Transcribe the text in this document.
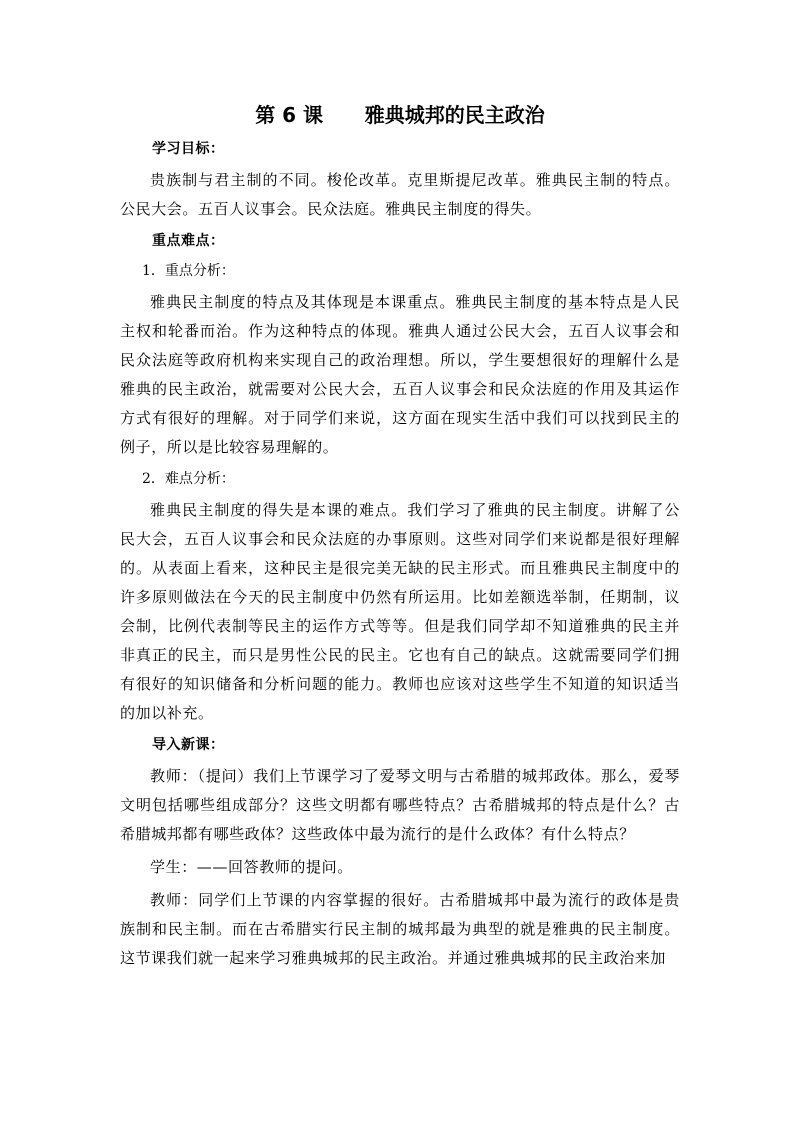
第 6 课      雅典城邦的民主政治
学习目标：

贵族制与君主制的不同。梭伦改革。克里斯提尼改革。雅典民主制的特点。公民大会。五百人议事会。民众法庭。雅典民主制度的得失。

重点难点：
1．重点分析：

雅典民主制度的特点及其体现是本课重点。雅典民主制度的基本特点是人民主权和轮番而治。作为这种特点的体现。雅典人通过公民大会，五百人议事会和民众法庭等政府机构来实现自己的政治理想。所以，学生要想很好的理解什么是雅典的民主政治，就需要对公民大会，五百人议事会和民众法庭的作用及其运作方式有很好的理解。对于同学们来说，这方面在现实生活中我们可以找到民主的例子，所以是比较容易理解的。

2．难点分析：

雅典民主制度的得失是本课的难点。我们学习了雅典的民主制度。讲解了公民大会，五百人议事会和民众法庭的办事原则。这些对同学们来说都是很好理解的。从表面上看来，这种民主是很完美无缺的民主形式。而且雅典民主制度中的许多原则做法在今天的民主制度中仍然有所运用。比如差额选举制，任期制，议会制，比例代表制等民主的运作方式等等。但是我们同学却不知道雅典的民主并非真正的民主，而只是男性公民的民主。它也有自己的缺点。这就需要同学们拥有很好的知识储备和分析问题的能力。教师也应该对这些学生不知道的知识适当的加以补充。

导入新课：

教师：（提问）我们上节课学习了爱琴文明与古希腊的城邦政体。那么，爱琴文明包括哪些组成部分？这些文明都有哪些特点？古希腊城邦的特点是什么？古希腊城邦都有哪些政体？这些政体中最为流行的是什么政体？有什么特点？

学生：——回答教师的提问。

教师：同学们上节课的内容掌握的很好。古希腊城邦中最为流行的政体是贵族制和民主制。而在古希腊实行民主制的城邦最为典型的就是雅典的民主制度。这节课我们就一起来学习雅典城邦的民主政治。并通过雅典城邦的民主政治来加
